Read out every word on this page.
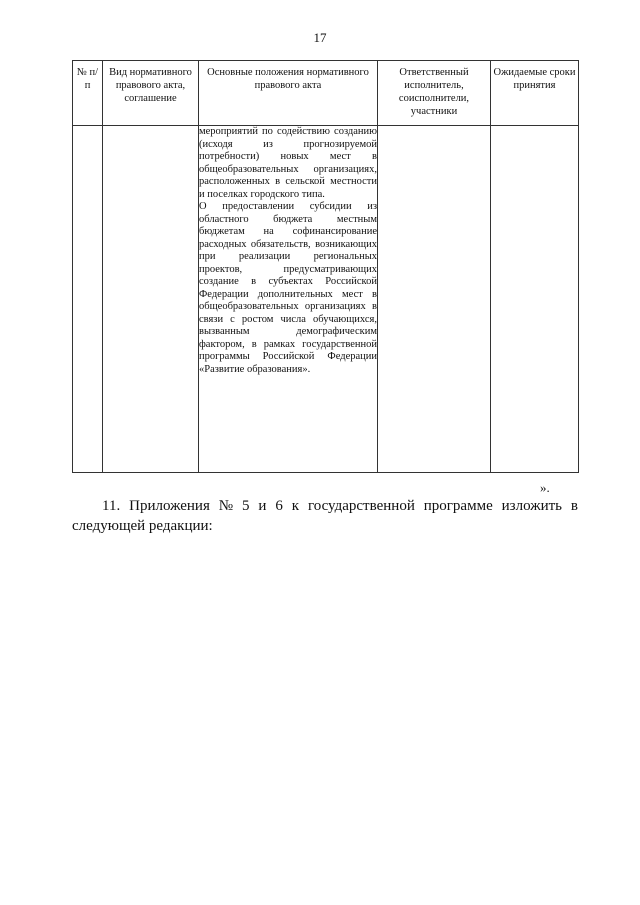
17
№ п/п	Вид нормативного правового акта, соглашение	Основные положения нормативного правового акта	Ответственный исполнитель, соисполнители, участники	Ожидаемые сроки принятия

		мероприятий по содействию созданию (исходя из прогнозируемой потребности) новых мест в общеобразовательных организациях, расположенных в сельской местности и поселках городского типа.

О предоставлении субсидии из областного бюджета местным бюджетам на софинансирование расходных обязательств, возникающих при реализации региональных проектов, предусматривающих создание в субъектах Российской Федерации дополнительных мест в общеобразовательных организациях в связи с ростом числа обучающихся, вызванным демографическим фактором, в рамках государственной программы Российской Федерации «Развитие образования».		

».
11. Приложения № 5 и 6 к государственной программе изложить в
следующей редакции:
